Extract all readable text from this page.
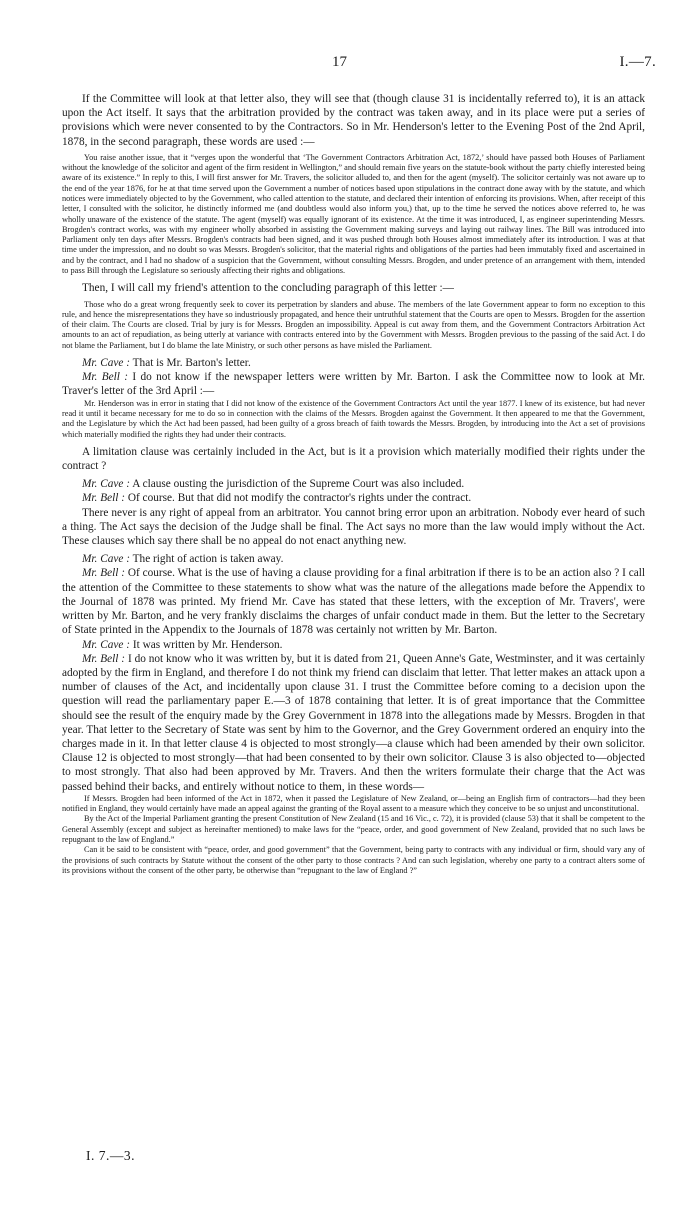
17	I.—7.

If the Committee will look at that letter also, they will see that (though clause 31 is incidentally referred to), it is an attack upon the Act itself. It says that the arbitration provided by the contract was taken away, and in its place were put a series of provisions which were never consented to by the Contractors. So in Mr. Henderson's letter to the Evening Post of the 2nd April, 1878, in the second paragraph, these words are used :—

You raise another issue, that it “verges upon the wonderful that ‘The Government Contractors Arbitration Act, 1872,’ should have passed both Houses of Parliament without the knowledge of the solicitor and agent of the firm resident in Wellington,” and should remain five years on the statute-book without the party chiefly interested being aware of its existence.” In reply to this, I will first answer for Mr. Travers, the solicitor alluded to, and then for the agent (myself). The solicitor certainly was not aware up to the end of the year 1876, for he at that time served upon the Government a number of notices based upon stipulations in the contract done away with by the statute, and which notices were immediately objected to by the Government, who called attention to the statute, and declared their intention of enforcing its provisions. When, after receipt of this letter, I consulted with the solicitor, he distinctly informed me (and doubtless would also inform you,) that, up to the time he served the notices above referred to, he was wholly unaware of the existence of the statute. The agent (myself) was equally ignorant of its existence. At the time it was introduced, I, as engineer superintending Messrs. Brogden's contract works, was with my engineer wholly absorbed in assisting the Government making surveys and laying out railway lines. The Bill was introduced into Parliament only ten days after Messrs. Brogden's contracts had been signed, and it was pushed through both Houses almost immediately after its introduction. I was at that time under the impression, and no doubt so was Messrs. Brogden's solicitor, that the material rights and obligations of the parties had been immutably fixed and ascertained in and by the contract, and I had no shadow of a suspicion that the Government, without consulting Messrs. Brogden, and under pretence of an arrangement with them, intended to pass Bill through the Legislature so seriously affecting their rights and obligations.

Then, I will call my friend's attention to the concluding paragraph of this letter :—

Those who do a great wrong frequently seek to cover its perpetration by slanders and abuse. The members of the late Government appear to form no exception to this rule, and hence the misrepresentations they have so industriously propagated, and hence their untruthful statement that the Courts are open to Messrs. Brogden for the assertion of their claim. The Courts are closed. Trial by jury is for Messrs. Brogden an impossibility. Appeal is cut away from them, and the Government Contractors Arbitration Act amounts to an act of repudiation, as being utterly at variance with contracts entered into by the Government with Messrs. Brogden previous to the passing of the said Act. I do not blame the Parliament, but I do blame the late Ministry, or such other persons as have misled the Parliament.

Mr. Cave : That is Mr. Barton's letter.

Mr. Bell : I do not know if the newspaper letters were written by Mr. Barton. I ask the Committee now to look at Mr. Traver's letter of the 3rd April :—

Mr. Henderson was in error in stating that I did not know of the existence of the Government Contractors Act until the year 1877. I knew of its existence, but had never read it until it became necessary for me to do so in connection with the claims of the Messrs. Brogden against the Government. It then appeared to me that the Government, and the Legislature by which the Act had been passed, had been guilty of a gross breach of faith towards the Messrs. Brogden, by introducing into the Act a set of provisions which materially modified the rights they had under their contracts.

A limitation clause was certainly included in the Act, but is it a provision which materially modified their rights under the contract ?

Mr. Cave : A clause ousting the jurisdiction of the Supreme Court was also included.

Mr. Bell : Of course. But that did not modify the contractor's rights under the contract.

There never is any right of appeal from an arbitrator. You cannot bring error upon an arbitration. Nobody ever heard of such a thing. The Act says the decision of the Judge shall be final. The Act says no more than the law would imply without the Act. These clauses which say there shall be no appeal do not enact anything new.

Mr. Cave : The right of action is taken away.

Mr. Bell : Of course. What is the use of having a clause providing for a final arbitration if there is to be an action also ? I call the attention of the Committee to these statements to show what was the nature of the allegations made before the Appendix to the Journal of 1878 was printed. My friend Mr. Cave has stated that these letters, with the exception of Mr. Travers', were written by Mr. Barton, and he very frankly disclaims the charges of unfair conduct made in them. But the letter to the Secretary of State printed in the Appendix to the Journals of 1878 was certainly not written by Mr. Barton.

Mr. Cave : It was written by Mr. Henderson.

Mr. Bell : I do not know who it was written by, but it is dated from 21, Queen Anne's Gate, Westminster, and it was certainly adopted by the firm in England, and therefore I do not think my friend can disclaim that letter. That letter makes an attack upon a number of clauses of the Act, and incidentally upon clause 31. I trust the Committee before coming to a decision upon the question will read the parliamentary paper E.—3 of 1878 containing that letter. It is of great importance that the Committee should see the result of the enquiry made by the Grey Government in 1878 into the allegations made by Messrs. Brogden in that year. That letter to the Secretary of State was sent by him to the Governor, and the Grey Government ordered an enquiry into the charges made in it. In that letter clause 4 is objected to most strongly—a clause which had been amended by their own solicitor. Clause 12 is objected to most strongly—that had been consented to by their own solicitor. Clause 3 is also objected to—objected to most strongly. That also had been approved by Mr. Travers. And then the writers formulate their charge that the Act was passed behind their backs, and entirely without notice to them, in these words—

If Messrs. Brogden had been informed of the Act in 1872, when it passed the Legislature of New Zealand, or—being an English firm of contractors—had they been notified in England, they would certainly have made an appeal against the granting of the Royal assent to a measure which they conceive to be so unjust and unconstitutional.

By the Act of the Imperial Parliament granting the present Constitution of New Zealand (15 and 16 Vic., c. 72), it is provided (clause 53) that it shall be competent to the General Assembly (except and subject as hereinafter mentioned) to make laws for the “peace, order, and good government of New Zealand, provided that no such laws be repugnant to the law of England.”

Can it be said to be consistent with “peace, order, and good government” that the Government, being party to contracts with any individual or firm, should vary any of the provisions of such contracts by Statute without the consent of the other party to those contracts ? And can such legislation, whereby one party to a contract alters some of its provisions without the consent of the other party, be otherwise than “repugnant to the law of England ?”

I. 7.—3.
